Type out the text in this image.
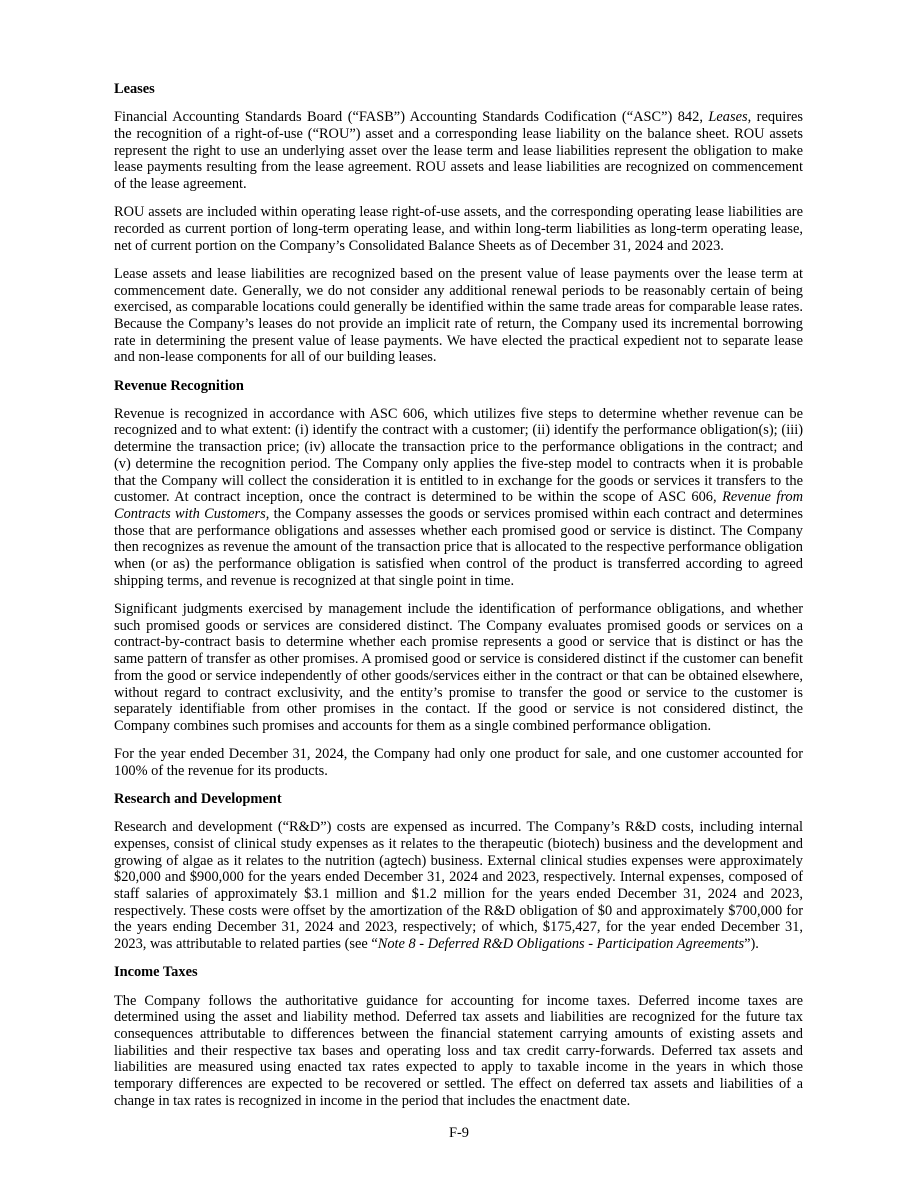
Leases

Financial Accounting Standards Board (“FASB”) Accounting Standards Codification (“ASC”) 842, Leases, requires the recognition of a right-of-use (“ROU”) asset and a corresponding lease liability on the balance sheet. ROU assets represent the right to use an underlying asset over the lease term and lease liabilities represent the obligation to make lease payments resulting from the lease agreement. ROU assets and lease liabilities are recognized on commencement of the lease agreement.

ROU assets are included within operating lease right-of-use assets, and the corresponding operating lease liabilities are recorded as current portion of long-term operating lease, and within long-term liabilities as long-term operating lease, net of current portion on the Company’s Consolidated Balance Sheets as of December 31, 2024 and 2023.

Lease assets and lease liabilities are recognized based on the present value of lease payments over the lease term at commencement date. Generally, we do not consider any additional renewal periods to be reasonably certain of being exercised, as comparable locations could generally be identified within the same trade areas for comparable lease rates. Because the Company’s leases do not provide an implicit rate of return, the Company used its incremental borrowing rate in determining the present value of lease payments. We have elected the practical expedient not to separate lease and non-lease components for all of our building leases.

Revenue Recognition

Revenue is recognized in accordance with ASC 606, which utilizes five steps to determine whether revenue can be recognized and to what extent: (i) identify the contract with a customer; (ii) identify the performance obligation(s); (iii) determine the transaction price; (iv) allocate the transaction price to the performance obligations in the contract; and (v) determine the recognition period. The Company only applies the five-step model to contracts when it is probable that the Company will collect the consideration it is entitled to in exchange for the goods or services it transfers to the customer. At contract inception, once the contract is determined to be within the scope of ASC 606, Revenue from Contracts with Customers, the Company assesses the goods or services promised within each contract and determines those that are performance obligations and assesses whether each promised good or service is distinct. The Company then recognizes as revenue the amount of the transaction price that is allocated to the respective performance obligation when (or as) the performance obligation is satisfied when control of the product is transferred according to agreed shipping terms, and revenue is recognized at that single point in time.

Significant judgments exercised by management include the identification of performance obligations, and whether such promised goods or services are considered distinct. The Company evaluates promised goods or services on a contract-by-contract basis to determine whether each promise represents a good or service that is distinct or has the same pattern of transfer as other promises. A promised good or service is considered distinct if the customer can benefit from the good or service independently of other goods/services either in the contract or that can be obtained elsewhere, without regard to contract exclusivity, and the entity’s promise to transfer the good or service to the customer is separately identifiable from other promises in the contact. If the good or service is not considered distinct, the Company combines such promises and accounts for them as a single combined performance obligation.

For the year ended December 31, 2024, the Company had only one product for sale, and one customer accounted for 100% of the revenue for its products.

Research and Development

Research and development (“R&D”) costs are expensed as incurred. The Company’s R&D costs, including internal expenses, consist of clinical study expenses as it relates to the therapeutic (biotech) business and the development and growing of algae as it relates to the nutrition (agtech) business. External clinical studies expenses were approximately $20,000 and $900,000 for the years ended December 31, 2024 and 2023, respectively. Internal expenses, composed of staff salaries of approximately $3.1 million and $1.2 million for the years ended December 31, 2024 and 2023, respectively. These costs were offset by the amortization of the R&D obligation of $0 and approximately $700,000 for the years ending December 31, 2024 and 2023, respectively; of which, $175,427, for the year ended December 31, 2023, was attributable to related parties (see “Note 8 - Deferred R&D Obligations - Participation Agreements”).

Income Taxes

The Company follows the authoritative guidance for accounting for income taxes. Deferred income taxes are determined using the asset and liability method. Deferred tax assets and liabilities are recognized for the future tax consequences attributable to differences between the financial statement carrying amounts of existing assets and liabilities and their respective tax bases and operating loss and tax credit carry-forwards. Deferred tax assets and liabilities are measured using enacted tax rates expected to apply to taxable income in the years in which those temporary differences are expected to be recovered or settled. The effect on deferred tax assets and liabilities of a change in tax rates is recognized in income in the period that includes the enactment date.

F-9
